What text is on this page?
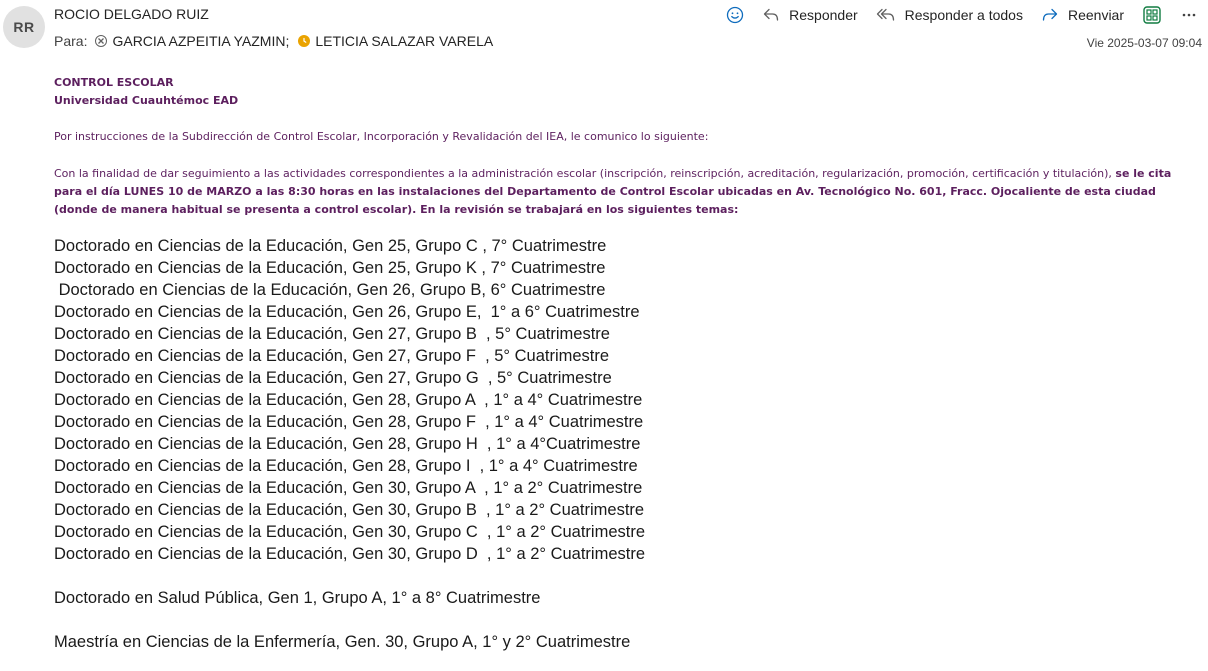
RR
ROCIO DELGADO RUIZ
Para: GARCIA AZPEITIA YAZMIN; LETICIA SALAZAR VARELA
Responder	Responder a todos	Reenviar
Vie 2025-03-07 09:04
CONTROL ESCOLAR
Universidad Cuauhtémoc EAD
Por instrucciones de la Subdirección de Control Escolar, Incorporación y Revalidación del IEA, le comunico lo siguiente:
Con la finalidad de dar seguimiento a las actividades correspondientes a la administración escolar (inscripción, reinscripción, acreditación, regularización, promoción, certificación y titulación), se le cita para el día LUNES 10 de MARZO a las 8:30 horas en las instalaciones del Departamento de Control Escolar ubicadas en Av. Tecnológico No. 601, Fracc. Ojocaliente de esta ciudad (donde de manera habitual se presenta a control escolar). En la revisión se trabajará en los siguientes temas:
Doctorado en Ciencias de la Educación, Gen 25, Grupo C , 7° Cuatrimestre
Doctorado en Ciencias de la Educación, Gen 25, Grupo K , 7° Cuatrimestre
Doctorado en Ciencias de la Educación, Gen 26, Grupo B, 6° Cuatrimestre
Doctorado en Ciencias de la Educación, Gen 26, Grupo E,  1° a 6° Cuatrimestre
Doctorado en Ciencias de la Educación, Gen 27, Grupo B  , 5° Cuatrimestre
Doctorado en Ciencias de la Educación, Gen 27, Grupo F  , 5° Cuatrimestre
Doctorado en Ciencias de la Educación, Gen 27, Grupo G  , 5° Cuatrimestre
Doctorado en Ciencias de la Educación, Gen 28, Grupo A  , 1° a 4° Cuatrimestre
Doctorado en Ciencias de la Educación, Gen 28, Grupo F  , 1° a 4° Cuatrimestre
Doctorado en Ciencias de la Educación, Gen 28, Grupo H  , 1° a 4°Cuatrimestre
Doctorado en Ciencias de la Educación, Gen 28, Grupo I  , 1° a 4° Cuatrimestre
Doctorado en Ciencias de la Educación, Gen 30, Grupo A  , 1° a 2° Cuatrimestre
Doctorado en Ciencias de la Educación, Gen 30, Grupo B  , 1° a 2° Cuatrimestre
Doctorado en Ciencias de la Educación, Gen 30, Grupo C  , 1° a 2° Cuatrimestre
Doctorado en Ciencias de la Educación, Gen 30, Grupo D  , 1° a 2° Cuatrimestre
Doctorado en Salud Pública, Gen 1, Grupo A, 1° a 8° Cuatrimestre
Maestría en Ciencias de la Enfermería, Gen. 30, Grupo A, 1° y 2° Cuatrimestre
